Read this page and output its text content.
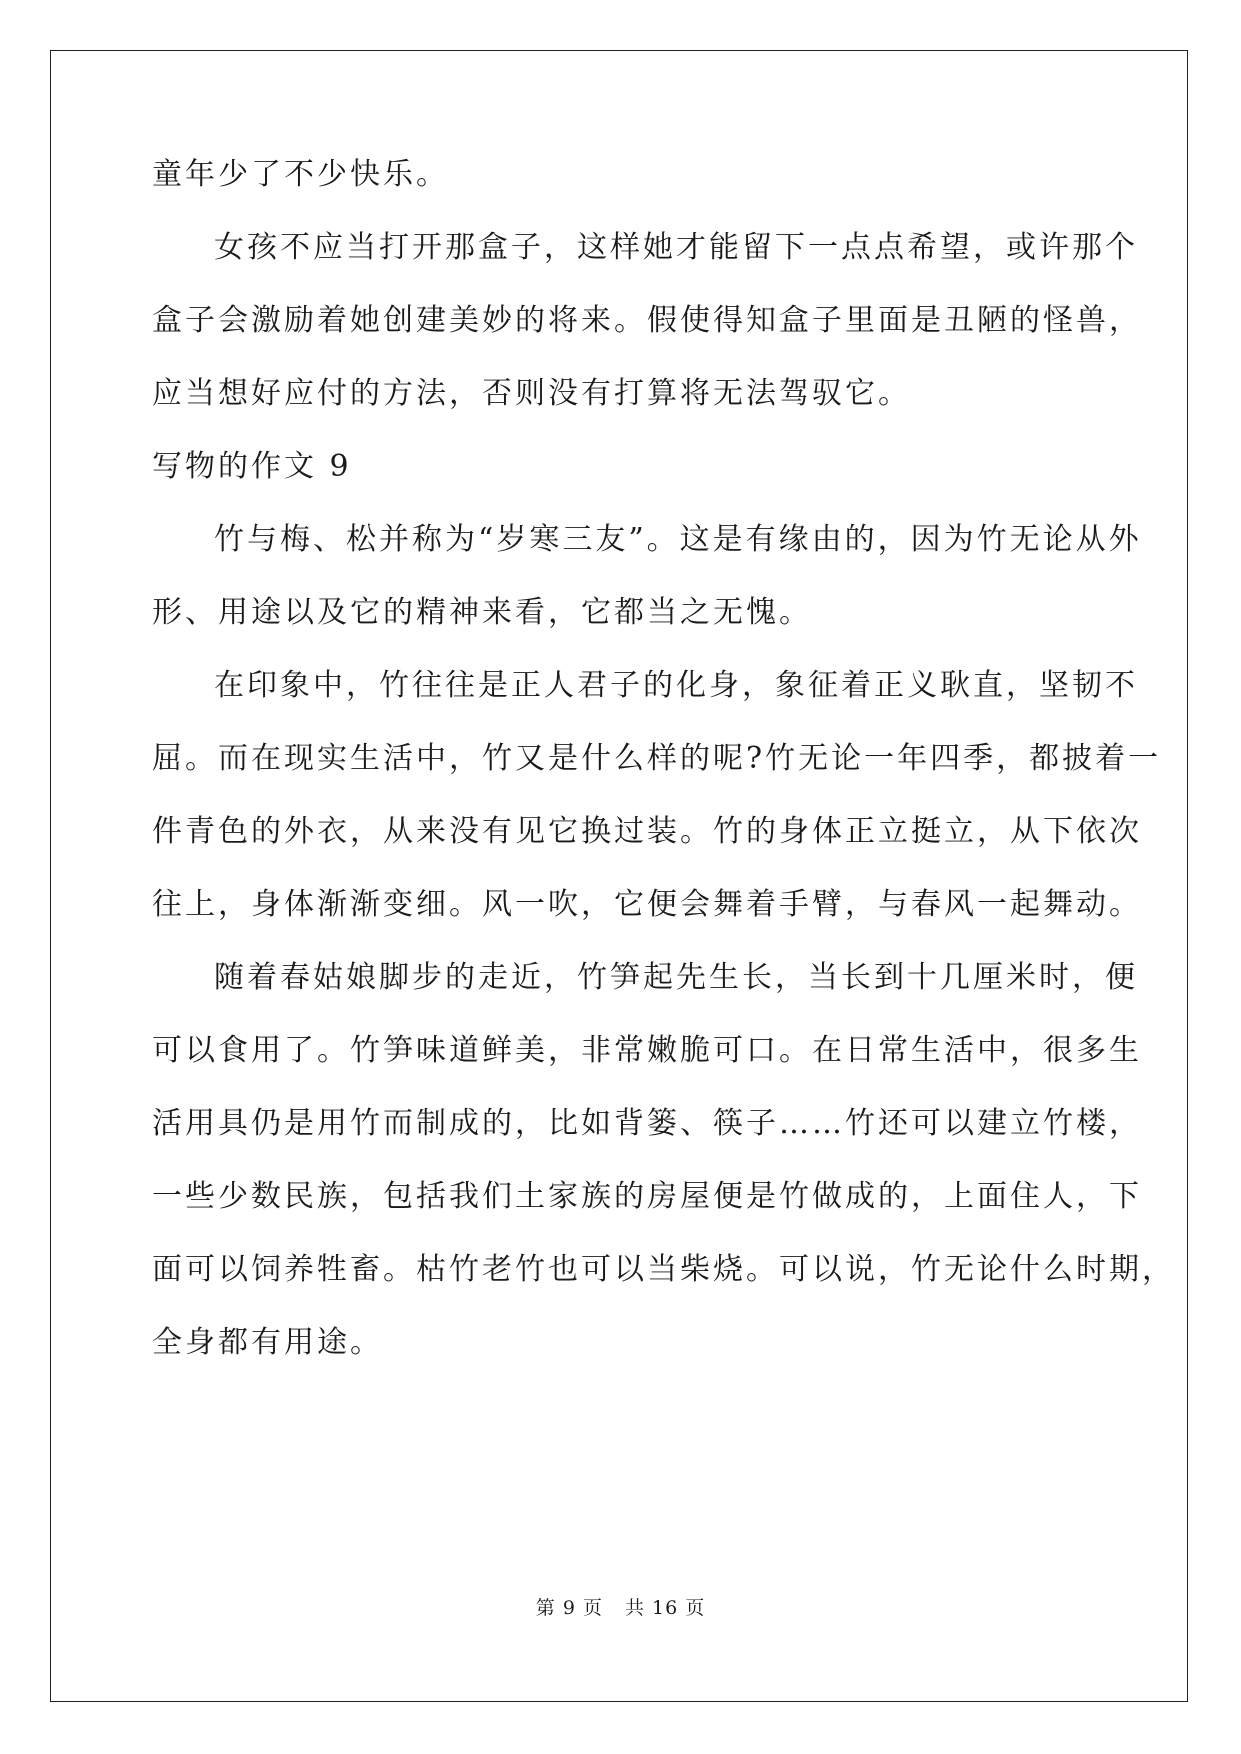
童年少了不少快乐。
女孩不应当打开那盒子，这样她才能留下一点点希望，或许那个
盒子会激励着她创建美妙的将来。假使得知盒子里面是丑陋的怪兽，
应当想好应付的方法，否则没有打算将无法驾驭它。
写物的作文 9
竹与梅、松并称为“岁寒三友”。这是有缘由的，因为竹无论从外
形、用途以及它的精神来看，它都当之无愧。
在印象中，竹往往是正人君子的化身，象征着正义耿直，坚韧不
屈。而在现实生活中，竹又是什么样的呢?竹无论一年四季，都披着一
件青色的外衣，从来没有见它换过装。竹的身体正立挺立，从下依次
往上，身体渐渐变细。风一吹，它便会舞着手臂，与春风一起舞动。
随着春姑娘脚步的走近，竹笋起先生长，当长到十几厘米时，便
可以食用了。竹笋味道鲜美，非常嫩脆可口。在日常生活中，很多生
活用具仍是用竹而制成的，比如背篓、筷子……竹还可以建立竹楼，
一些少数民族，包括我们土家族的房屋便是竹做成的，上面住人，下
面可以饲养牲畜。枯竹老竹也可以当柴烧。可以说，竹无论什么时期，
全身都有用途。
第 9 页 共 16 页
